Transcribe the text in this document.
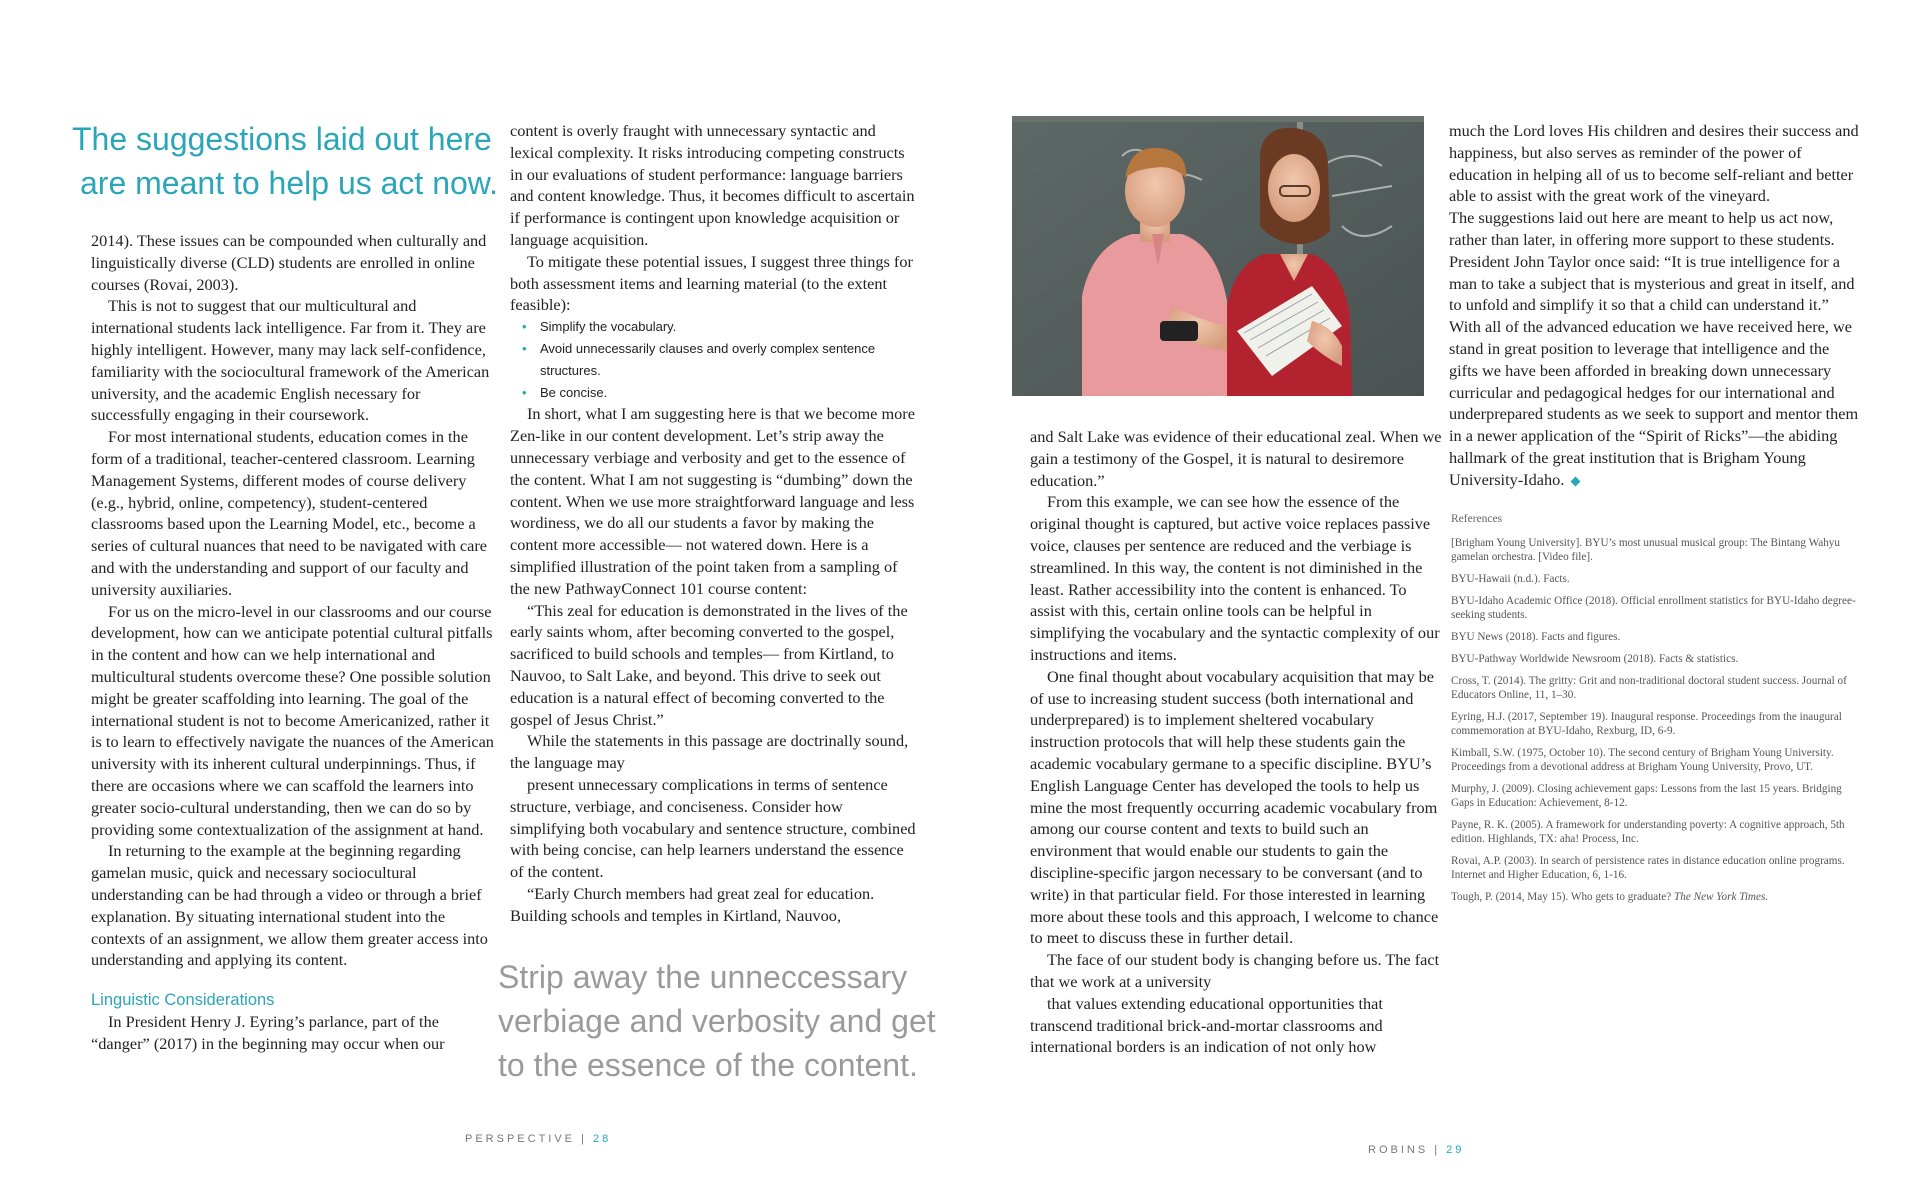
The suggestions laid out here
are meant to help us act now.

2014). These issues can be compounded when culturally and linguistically diverse (CLD) students are enrolled in online courses (Rovai, 2003).

This is not to suggest that our multicultural and international students lack intelligence. Far from it. They are highly intelligent. However, many may lack self-confidence, familiarity with the sociocultural framework of the American university, and the academic English necessary for successfully engaging in their coursework.

For most international students, education comes in the form of a traditional, teacher-centered classroom. Learning Management Systems, different modes of course delivery (e.g., hybrid, online, competency), student-centered classrooms based upon the Learning Model, etc., become a series of cultural nuances that need to be navigated with care and with the understanding and support of our faculty and university auxiliaries.

For us on the micro-level in our classrooms and our course development, how can we anticipate potential cultural pitfalls in the content and how can we help international and multicultural students overcome these? One possible solution might be greater scaffolding into learning. The goal of the international student is not to become Americanized, rather it is to learn to effectively navigate the nuances of the American university with its inherent cultural underpinnings. Thus, if there are occasions where we can scaffold the learners into greater socio-cultural understanding, then we can do so by providing some contextualization of the assignment at hand.

In returning to the example at the beginning regarding gamelan music, quick and necessary sociocultural understanding can be had through a video or through a brief explanation. By situating international student into the contexts of an assignment, we allow them greater access into understanding and applying its content.

Linguistic Considerations

In President Henry J. Eyring’s parlance, part of the “danger” (2017) in the beginning may occur when our

content is overly fraught with unnecessary syntactic and lexical complexity. It risks introducing competing constructs in our evaluations of student performance: language barriers and content knowledge. Thus, it becomes difficult to ascertain if performance is contingent upon knowledge acquisition or language acquisition.

To mitigate these potential issues, I suggest three things for both assessment items and learning material (to the extent feasible):

• Simplify the vocabulary.
• Avoid unnecessarily clauses and overly complex sentence structures.
• Be concise.

In short, what I am suggesting here is that we become more Zen-like in our content development. Let’s strip away the unnecessary verbiage and verbosity and get to the essence of the content. What I am not suggesting is “dumbing” down the content. When we use more straightforward language and less wordiness, we do all our students a favor by making the content more accessible— not watered down. Here is a simplified illustration of the point taken from a sampling of the new PathwayConnect 101 course content:

“This zeal for education is demonstrated in the lives of the early saints whom, after becoming converted to the gospel, sacrificed to build schools and temples— from Kirtland, to Nauvoo, to Salt Lake, and beyond. This drive to seek out education is a natural effect of becoming converted to the gospel of Jesus Christ.”

While the statements in this passage are doctrinally sound, the language may

present unnecessary complications in terms of sentence structure, verbiage, and conciseness. Consider how simplifying both vocabulary and sentence structure, combined with being concise, can help learners understand the essence of the content.

“Early Church members had great zeal for education. Building schools and temples in Kirtland, Nauvoo,

Strip away the unneccessary
verbiage and verbosity and get
to the essence of the content.
PERSPECTIVE | 28

and Salt Lake was evidence of their educational zeal. When we gain a testimony of the Gospel, it is natural to desiremore education.”

From this example, we can see how the essence of the original thought is captured, but active voice replaces passive voice, clauses per sentence are reduced and the verbiage is streamlined. In this way, the content is not diminished in the least. Rather accessibility into the content is enhanced. To assist with this, certain online tools can be helpful in simplifying the vocabulary and the syntactic complexity of our instructions and items.

One final thought about vocabulary acquisition that may be of use to increasing student success (both international and underprepared) is to implement sheltered vocabulary instruction protocols that will help these students gain the academic vocabulary germane to a specific discipline. BYU’s English Language Center has developed the tools to help us mine the most frequently occurring academic vocabulary from among our course content and texts to build such an environment that would enable our students to gain the discipline-specific jargon necessary to be conversant (and to write) in that particular field. For those interested in learning more about these tools and this approach, I welcome to chance to meet to discuss these in further detail.

The face of our student body is changing before us. The fact that we work at a university

that values extending educational opportunities that transcend traditional brick-and-mortar classrooms and international borders is an indication of not only how

much the Lord loves His children and desires their success and happiness, but also serves as reminder of the power of education in helping all of us to become self-reliant and better able to assist with the great work of the vineyard.

The suggestions laid out here are meant to help us act now, rather than later, in offering more support to these students. President John Taylor once said: “It is true intelligence for a man to take a subject that is mysterious and great in itself, and to unfold and simplify it so that a child can understand it.” With all of the advanced education we have received here, we stand in great position to leverage that intelligence and the gifts we have been afforded in breaking down unnecessary curricular and pedagogical hedges for our international and underprepared students as we seek to support and mentor them in a newer application of the “Spirit of Ricks”—the abiding hallmark of the great institution that is Brigham Young University-Idaho.

References
[Brigham Young University]. BYU’s most unusual musical group: The Bintang Wahyu gamelan orchestra. [Video file].
BYU-Hawaii (n.d.). Facts.
BYU-Idaho Academic Office (2018). Official enrollment statistics for BYU-Idaho degree-seeking students.
BYU News (2018). Facts and figures.
BYU-Pathway Worldwide Newsroom (2018). Facts & statistics.
Cross, T. (2014). The gritty: Grit and non-traditional doctoral student success. Journal of Educators Online, 11, 1–30.
Eyring, H.J. (2017, September 19). Inaugural response. Proceedings from the inaugural commemoration at BYU-Idaho, Rexburg, ID, 6-9.
Kimball, S.W. (1975, October 10). The second century of Brigham Young University. Proceedings from a devotional address at Brigham Young University, Provo, UT.
Murphy, J. (2009). Closing achievement gaps: Lessons from the last 15 years. Bridging Gaps in Education: Achievement, 8-12.
Payne, R. K. (2005). A framework for understanding poverty: A cognitive approach, 5th edition. Highlands, TX: aha! Process, Inc.
Rovai, A.P. (2003). In search of persistence rates in distance education online programs. Internet and Higher Education, 6, 1-16.
Tough, P. (2014, May 15). Who gets to graduate? The New York Times.
ROBINS | 29
